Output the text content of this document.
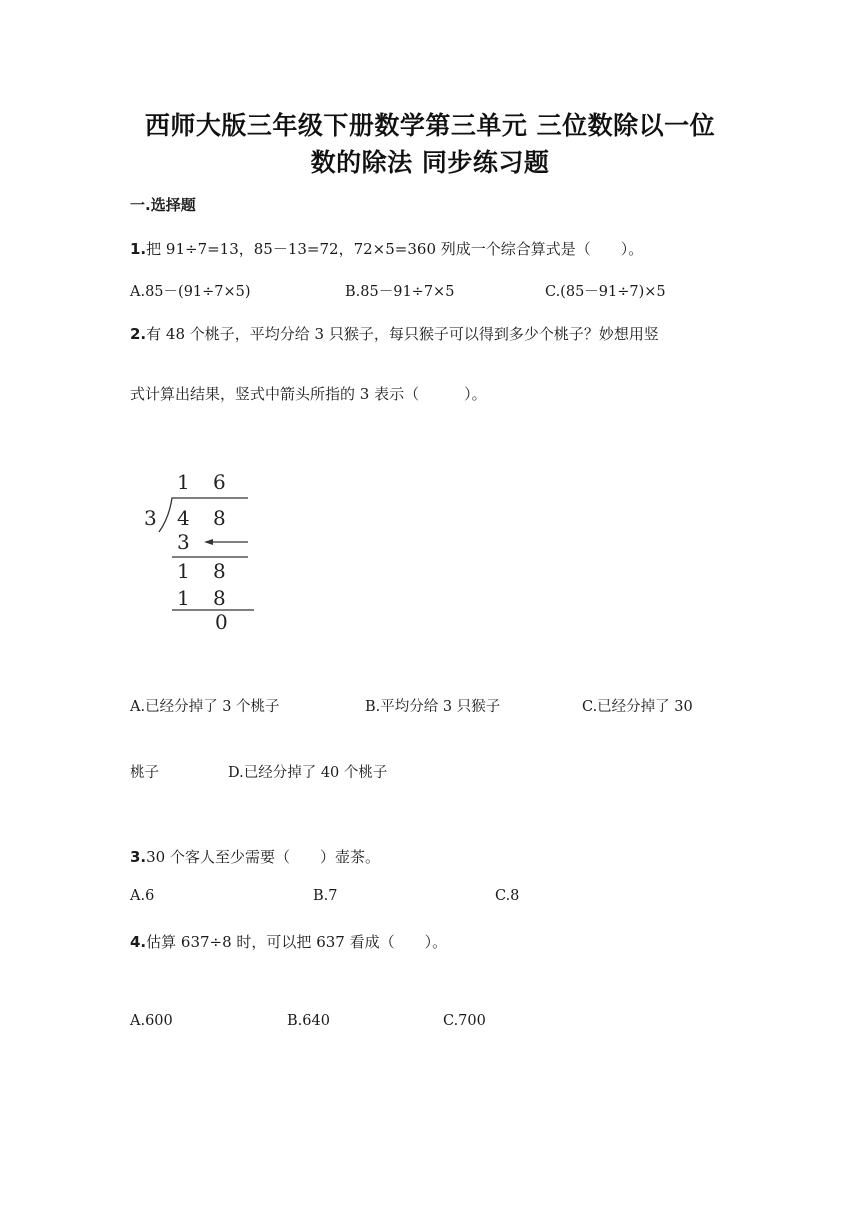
西师大版三年级下册数学第三单元 三位数除以一位
数的除法 同步练习题
一.选择题
1.把 91÷7=13，85－13=72，72×5=360 列成一个综合算式是（　　）。
A.85－(91÷7×5)	B.85－91÷7×5	C.(85－91÷7)×5
2.有 48 个桃子，平均分给 3 只猴子，每只猴子可以得到多少个桃子？妙想用竖
式计算出结果，竖式中箭头所指的 3 表示（　　　）。
1 6
3 4 8
3
1 8
1 8
0
A.已经分掉了 3 个桃子	B.平均分给 3 只猴子	C.已经分掉了 30
桃子	D.已经分掉了 40 个桃子
3.30 个客人至少需要（　　）壶茶。
A.6	B.7	C.8
4.估算 637÷8 时，可以把 637 看成（　　）。
A.600	B.640	C.700
